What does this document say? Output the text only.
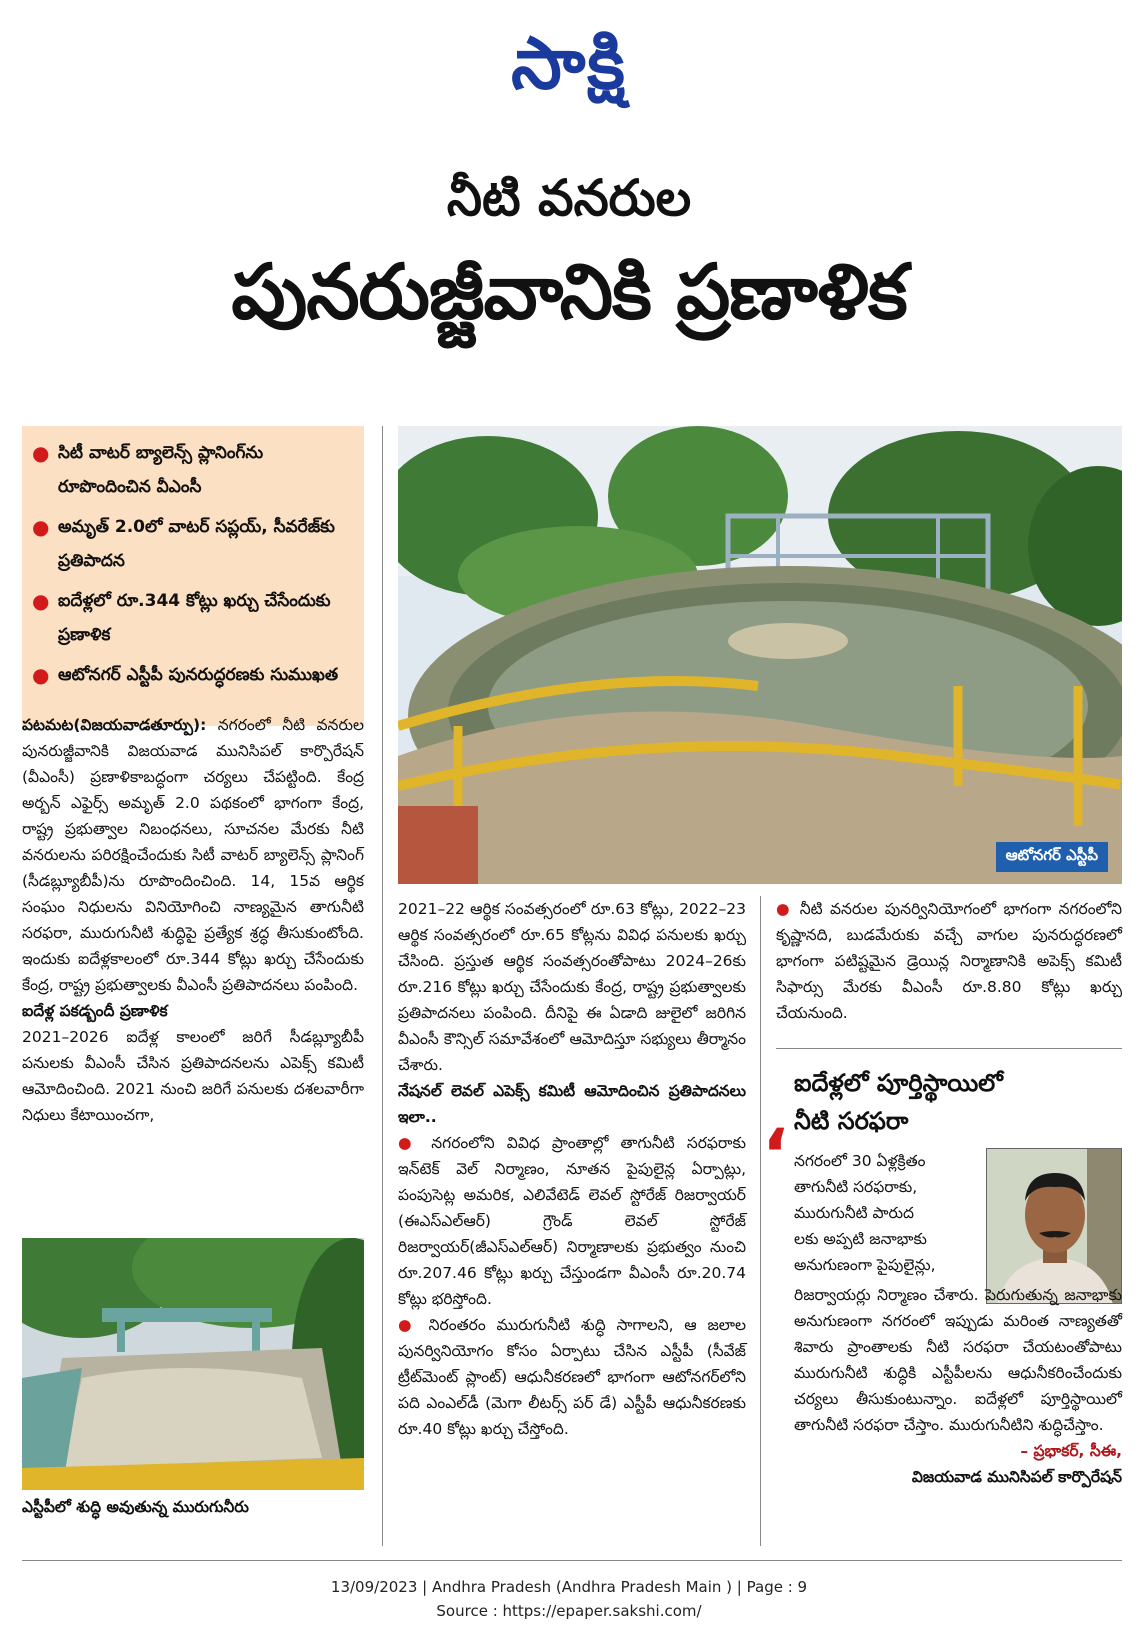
సాక్షి
నీటి వనరుల
పునరుజ్జీవానికి ప్రణాళిక
● సిటీ వాటర్ బ్యాలెన్స్ ప్లానింగ్‌ను రూపొందించిన వీఎంసీ
● అమృత్ 2.0లో వాటర్ సప్లయ్, సీవరేజ్‌కు ప్రతిపాదన
● ఐదేళ్లలో రూ.344 కోట్లు ఖర్చు చేసేందుకు ప్రణాళిక
● ఆటోనగర్ ఎస్టీపీ పునరుద్ధరణకు సుముఖత
ఆటోనగర్ ఎస్టీపీ

పటమట(విజయవాడతూర్పు): నగరంలో నీటి వనరుల పునరుజ్జీవానికి విజయవాడ మునిసిపల్ కార్పొరేషన్ (వీఎంసీ) ప్రణాళికాబద్ధంగా చర్యలు చేపట్టింది. కేంద్ర అర్బన్ ఎఫైర్స్ అమృత్ 2.0 పథకంలో భాగంగా కేంద్ర, రాష్ట్ర ప్రభుత్వాల నిబంధనలు, సూచనల మేరకు నీటి వనరులను పరిరక్షించేందుకు సిటీ వాటర్ బ్యాలెన్స్ ప్లానింగ్ (సీడబ్ల్యూబీపీ)ను రూపొందించింది. 14, 15వ ఆర్థిక సంఘం నిధులను వినియోగించి నాణ్యమైన తాగునీటి సరఫరా, మురుగునీటి శుద్ధిపై ప్రత్యేక శ్రద్ధ తీసుకుంటోంది. ఇందుకు ఐదేళ్లకాలంలో రూ.344 కోట్లు ఖర్చు చేసేందుకు కేంద్ర, రాష్ట్ర ప్రభుత్వాలకు వీఎంసీ ప్రతిపాదనలు పంపింది.

ఐదేళ్ల పకడ్బందీ ప్రణాళిక

2021–2026 ఐదేళ్ల కాలంలో జరిగే సీడబ్ల్యూబీపీ పనులకు వీఎంసీ చేసిన ప్రతిపాదనలను ఎపెక్స్ కమిటీ ఆమోదించింది. 2021 నుంచి జరిగే పనులకు దశలవారీగా నిధులు కేటాయించగా,

ఎస్టీపీలో శుద్ధి అవుతున్న మురుగునీరు

2021–22 ఆర్థిక సంవత్సరంలో రూ.63 కోట్లు, 2022–23 ఆర్థిక సంవత్సరంలో రూ.65 కోట్లను వివిధ పనులకు ఖర్చు చేసింది. ప్రస్తుత ఆర్థిక సంవత్సరంతోపాటు 2024–26కు రూ.216 కోట్లు ఖర్చు చేసేందుకు కేంద్ర, రాష్ట్ర ప్రభుత్వాలకు ప్రతిపాదనలు పంపింది. దీనిపై ఈ ఏడాది జులైలో జరిగిన వీఎంసీ కౌన్సిల్ సమావేశంలో ఆమోదిస్తూ సభ్యులు తీర్మానం చేశారు.

నేషనల్ లెవల్ ఎపెక్స్ కమిటీ ఆమోదించిన ప్రతిపాదనలు ఇలా..

● నగరంలోని వివిధ ప్రాంతాల్లో తాగునీటి సరఫరాకు ఇన్‌టెక్ వెల్ నిర్మాణం, నూతన పైపులైన్ల ఏర్పాట్లు, పంపుసెట్ల అమరిక, ఎలివేటెడ్ లెవల్ స్టోరేజ్ రిజర్వాయర్ (ఈఎస్ఎల్ఆర్) గ్రౌండ్ లెవల్ స్టోరేజ్ రిజర్వాయర్(జీఎస్ఎల్ఆర్) నిర్మాణాలకు ప్రభుత్వం నుంచి రూ.207.46 కోట్లు ఖర్చు చేస్తుండగా వీఎంసీ రూ.20.74 కోట్లు భరిస్తోంది.

● నిరంతరం మురుగునీటి శుద్ధి సాగాలని, ఆ జలాల పునర్వినియోగం కోసం ఏర్పాటు చేసిన ఎస్టీపీ (సీవేజ్ ట్రీట్‌మెంట్ ప్లాంట్) ఆధునీకరణలో భాగంగా ఆటోనగర్‌లోని పది ఎంఎల్‌డీ (మెగా లీటర్స్ పర్ డే) ఎస్టీపీ ఆధునీకరణకు రూ.40 కోట్లు ఖర్చు చేస్తోంది.

● నీటి వనరుల పునర్వినియోగంలో భాగంగా నగరంలోని కృష్ణానది, బుడమేరుకు వచ్చే వాగుల పునరుద్ధరణలో భాగంగా పటిష్టమైన డ్రెయిన్ల నిర్మాణానికి అపెక్స్ కమిటీ సిఫార్సు మేరకు వీఎంసీ రూ.8.80 కోట్లు ఖర్చు చేయనుంది.

ఐదేళ్లలో పూర్తిస్థాయిలో
నీటి సరఫరా
‘ నగరంలో 30 ఏళ్లక్రితం
తాగునీటి సరఫరాకు,
మురుగునీటి పారుద
లకు అప్పటి జనాభాకు
అనుగుణంగా పైపులైన్లు,

రిజర్వాయర్లు నిర్మాణం చేశారు. పెరుగుతున్న జనాభాకు అనుగుణంగా నగరంలో ఇప్పుడు మరింత నాణ్యతతో శివారు ప్రాంతాలకు నీటి సరఫరా చేయటంతోపాటు మురుగునీటి శుద్ధికి ఎస్టీపీలను ఆధునీకరించేందుకు చర్యలు తీసుకుంటున్నాం. ఐదేళ్లలో పూర్తిస్థాయిలో తాగునీటి సరఫరా చేస్తాం. మురుగునీటిని శుద్ధిచేస్తాం.

– ప్రభాకర్, సీఈ,

విజయవాడ మునిసిపల్ కార్పొరేషన్

13/09/2023 | Andhra Pradesh (Andhra Pradesh Main ) | Page : 9
Source : https://epaper.sakshi.com/
